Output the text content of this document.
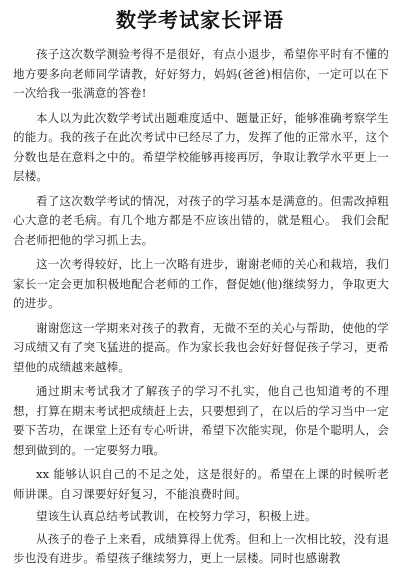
数学考试家长评语

孩子这次数学测验考得不是很好，有点小退步，希望你平时有不懂的地方要多向老师同学请教，好好努力，妈妈(爸爸)相信你，一定可以在下一次给我一张满意的答卷!

本人以为此次数学考试出题难度适中、题量正好，能够准确考察学生的能力。我的孩子在此次考试中已经尽了力，发挥了他的正常水平，这个分数也是在意料之中的。希望学校能够再接再厉，争取让教学水平更上一层楼。

看了这次数学考试的情况，对孩子的学习基本是满意的。但需改掉粗心大意的老毛病。有几个地方都是不应该出错的，就是粗心。 我们会配合老师把他的学习抓上去。

这一次考得较好，比上一次略有进步，谢谢老师的关心和栽培，我们家长一定会更加积极地配合老师的工作，督促她(他)继续努力，争取更大的进步。

谢谢您这一学期来对孩子的教育，无微不至的关心与帮助，使他的学习成绩又有了突飞猛进的提高。作为家长我也会好好督促孩子学习，更希望他的成绩越来越棒。

通过期末考试我才了解孩子的学习不扎实，他自己也知道考的不理想，打算在期末考试把成绩赶上去，只要想到了，在以后的学习当中一定要下苦功，在课堂上还有专心听讲，希望下次能实现，你是个聪明人，会想到做到的。一定要努力哦。

xx 能够认识自己的不足之处，这是很好的。希望在上课的时候听老师讲课。自习课要好好复习，不能浪费时间。

望该生认真总结考试教训，在校努力学习，积极上进。

从孩子的卷子上来看，成绩算得上优秀。但和上一次相比较，没有退步也没有进步。希望孩子继续努力，更上一层楼。同时也感谢教
